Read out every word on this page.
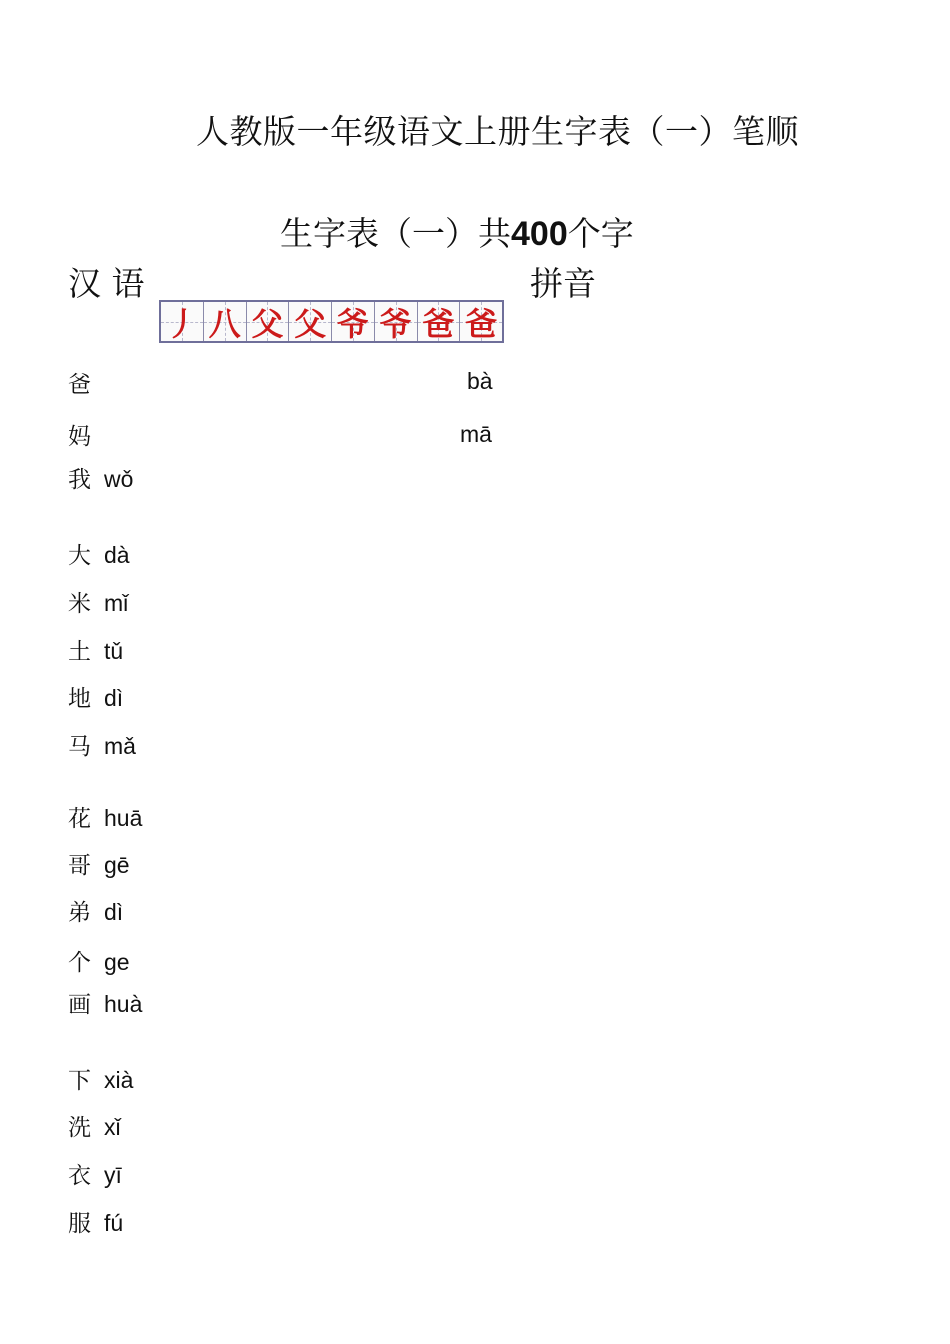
人教版一年级语文上册生字表（一）笔顺
生字表（一）共400个字
汉 语	拼音
丿 八 父 父 爷 爷 爸 爸
爸	bà
妈	mā
我 wǒ
大 dà
米 mǐ
土 tǔ
地 dì
马 mǎ
花 huā
哥 gē
弟 dì
个 ge
画 huà
下 xià
洗 xǐ
衣 yī
服 fú
